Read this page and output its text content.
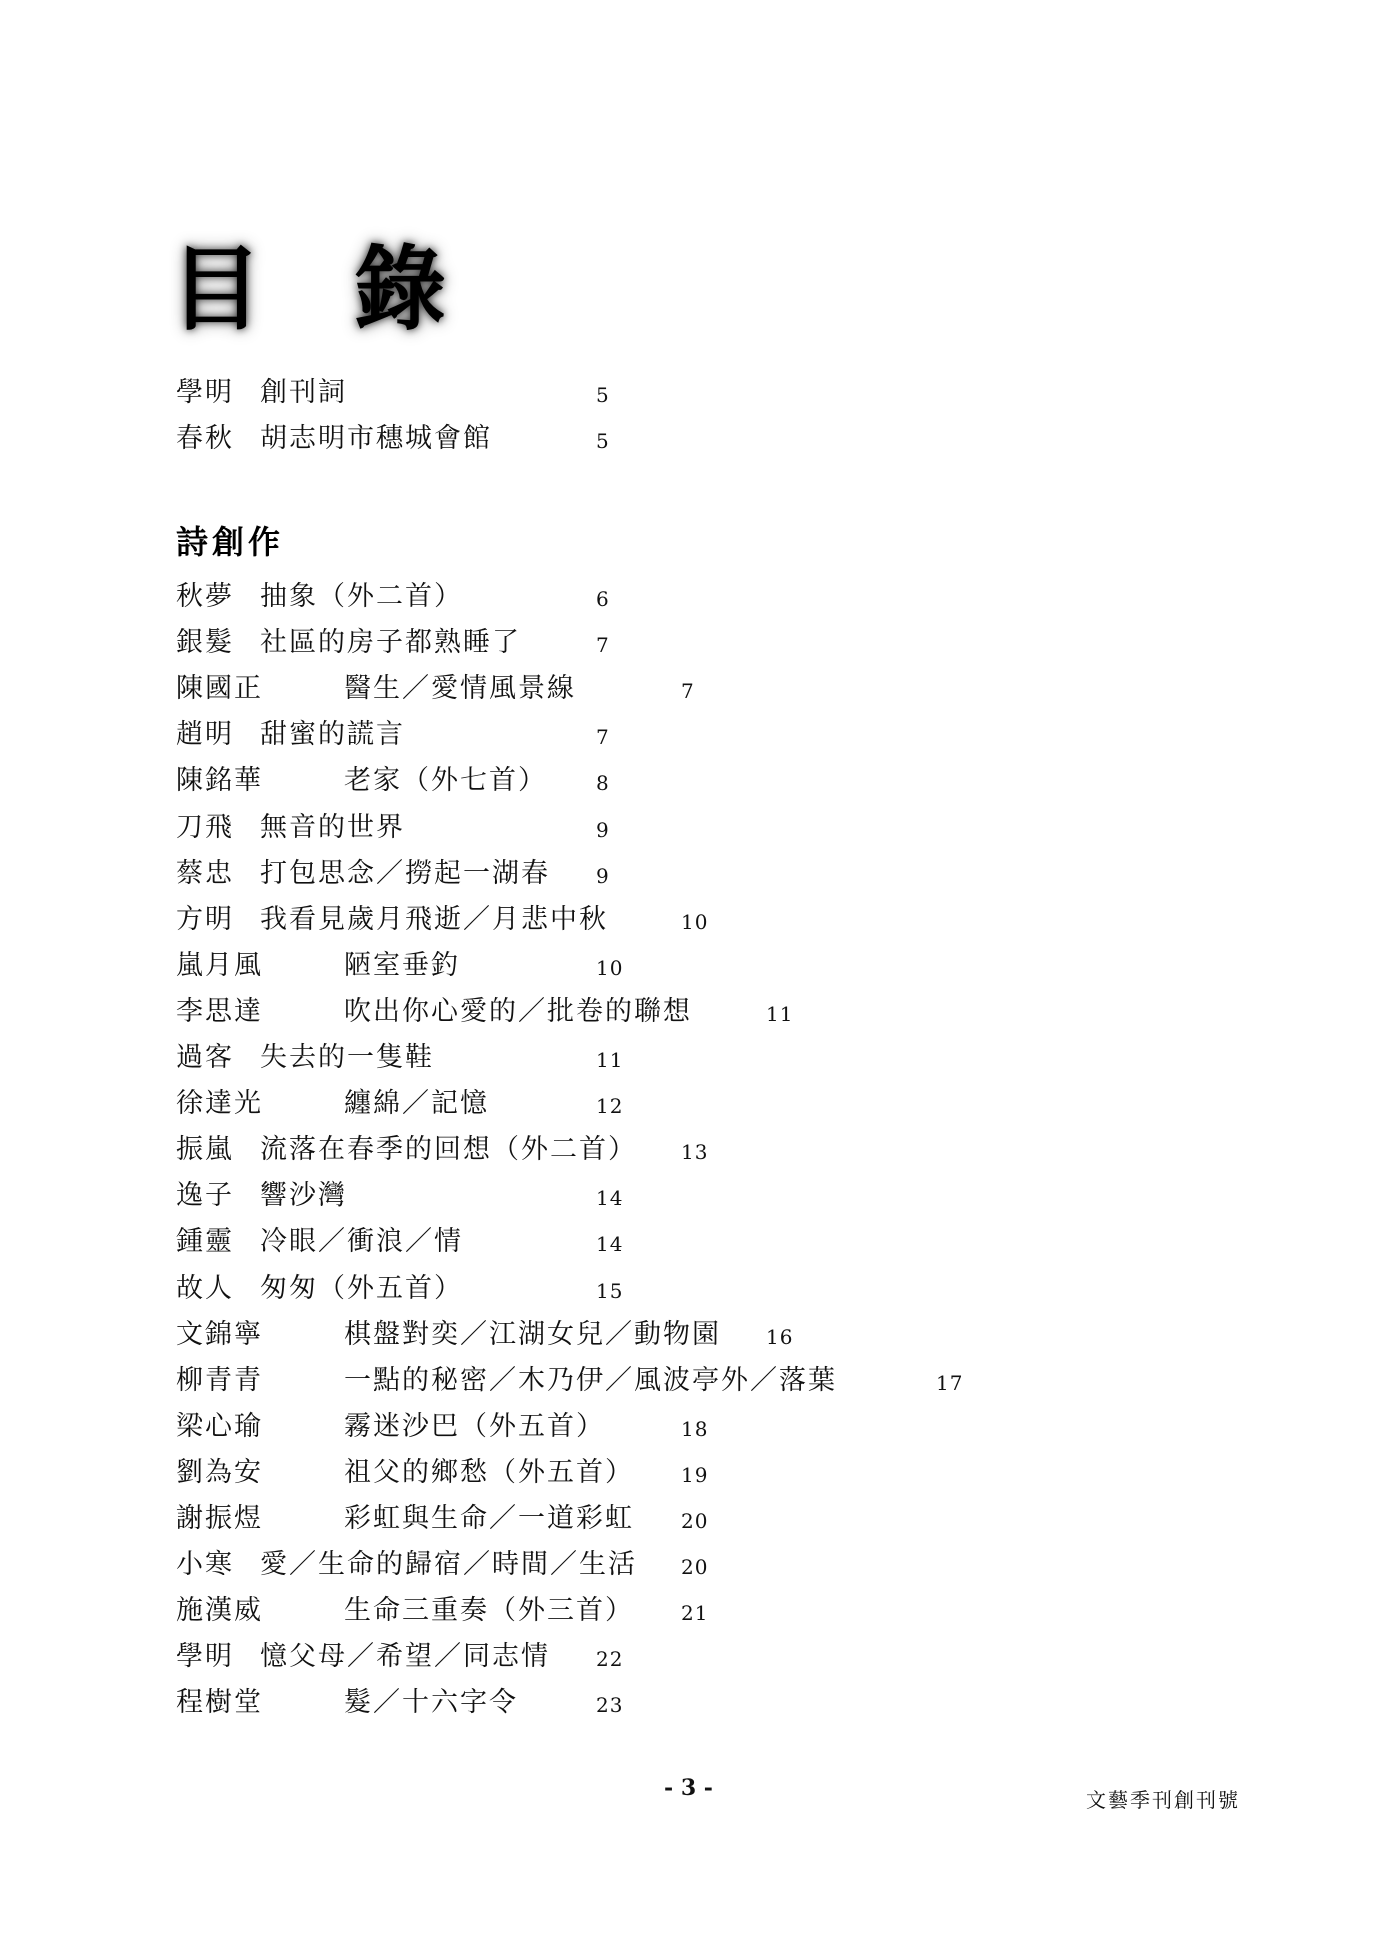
目 錄
學明 創刊詞	5
春秋 胡志明市穗城會館	5
詩創作
秋夢 抽象（外二首）	6
銀髮 社區的房子都熟睡了	7
陳國正	醫生／愛情風景線	7
趙明 甜蜜的謊言	7
陳銘華	老家（外七首） 8
刀飛 無音的世界	9
蔡忠 打包思念／撈起一湖春 9
方明 我看見歲月飛逝／月悲中秋	10
嵐月風	陋室垂釣	10
李思達	吹出你心愛的／批卷的聯想	11
過客 失去的一隻鞋	11
徐達光	纏綿／記憶	12
振嵐 流落在春季的回想（外二首） 13
逸子 響沙灣	14
鍾靈 冷眼／衝浪／情	14
故人 匆匆（外五首）	15
文錦寧	棋盤對奕／江湖女兒／動物園 16
柳青青	一點的秘密／木乃伊／風波亭外／落葉	17
梁心瑜	霧迷沙巴（外五首）	18
劉為安	祖父的鄉愁（外五首） 19
謝振煜	彩虹與生命／一道彩虹 20
小寒 愛／生命的歸宿／時間／生活 20
施漢威	生命三重奏（外三首） 21
學明 憶父母／希望／同志情 22
程樹堂	髮／十六字令	23
- 3 -	文藝季刊創刊號
